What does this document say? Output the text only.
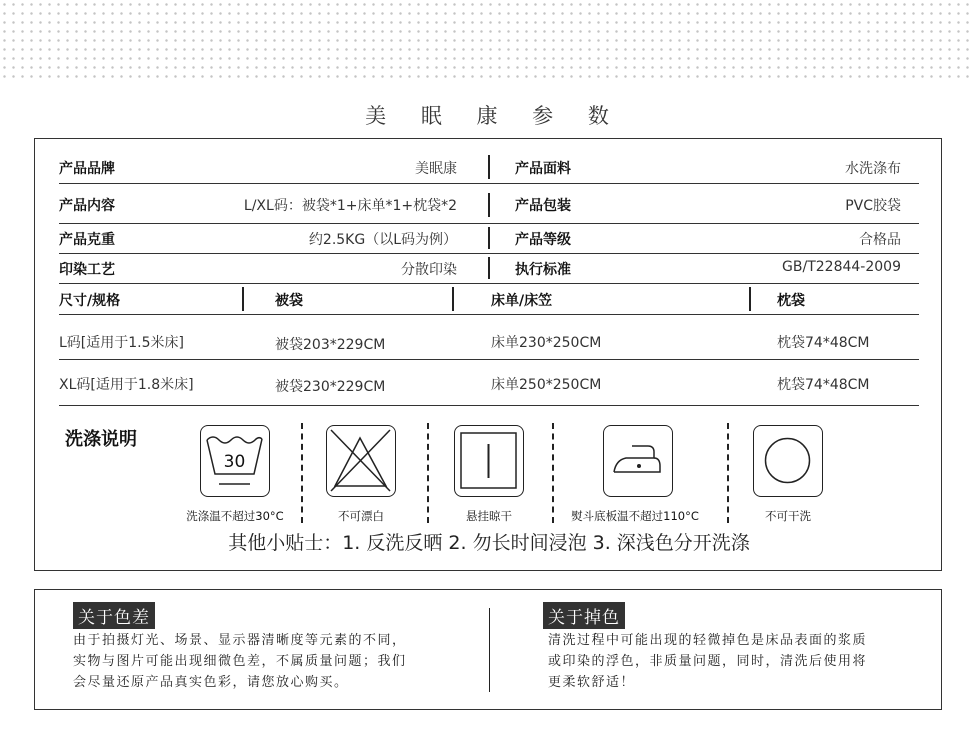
美 眠 康 参 数
产品品牌	美眠康	产品面料	水洗涤布
产品内容	L/XL码：被袋*1+床单*1+枕袋*2	产品包装	PVC胶袋
产品克重	约2.5KG（以L码为例）	产品等级	合格品
印染工艺	分散印染	执行标准	GB/T22844-2009
尺寸/规格	被袋	床单/床笠	枕袋
L码[适用于1.5米床]	被袋203*229CM	床单230*250CM	枕袋74*48CM
XL码[适用于1.8米床]	被袋230*229CM	床单250*250CM	枕袋74*48CM
洗涤说明
30
洗涤温不超过30°C	不可漂白	悬挂晾干	熨斗底板温不超过110°C	不可干洗
其他小贴士：1. 反洗反晒 2. 勿长时间浸泡 3. 深浅色分开洗涤
关于色差
由于拍摄灯光、场景、显示器清晰度等元素的不同，
实物与图片可能出现细微色差，不属质量问题；我们
会尽量还原产品真实色彩，请您放心购买。
关于掉色
清洗过程中可能出现的轻微掉色是床品表面的浆质
或印染的浮色，非质量问题，同时，清洗后使用将
更柔软舒适！
